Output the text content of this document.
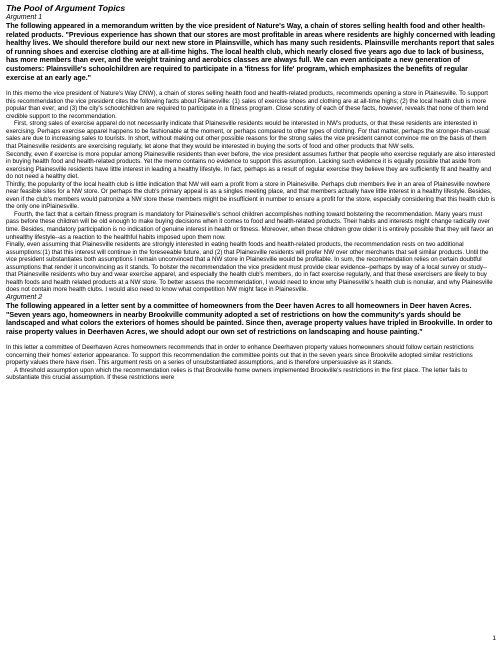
The Pool of Argument Topics

Argument 1

The following appeared in a memorandum written by the vice president of Nature's Way, a chain of stores selling health food and other health-related products. "Previous experience has shown that our stores are most profitable in areas where residents are highly concerned with leading healthy lives. We should therefore build our next new store in Plainsville, which has many such residents. Plainsville merchants report that sales of running shoes and exercise clothing are at all-time highs. The local health club, which nearly closed five years ago due to lack of business, has more members than ever, and the weight training and aerobics classes are always full. We can even anticipate a new generation of customers: Plainsville's schoolchildren are required to participate in a 'fitness for life' program, which emphasizes the benefits of regular exercise at an early age."

In this memo the vice president of Nature's Way CNW), a chain of stores selling health food and health-related products, recommends opening a store in Plainesville. To support this recommendation the vice president cites the following facts about Plainesville: (1) sales of exercise shoes and clothing are at all-time highs; (2) the local health club is more popular than ever; and (3) the city's schoolchildren are required to participate in a fitness program. Close scrutiny of each of these facts, however, reveals that none of them lend credible support to the recommendation.

First, strong sales of exercise apparel do not necessarily indicate that Plainesville residents would be interested in NW's products, or that these residents are interested in exercising. Perhaps exercise apparel happens to be fashionable at the moment, or perhaps compared to other types of clothing. For that matter, perhaps the stronger-than-usual sales are due to increasing sales to tourists. In short, without making out other possible reasons for the strong sales the vice president cannot convince me on the basis of them that Plainesville residents are exercising regularly, let alone that they would be interested in buying the sorts of food and other products that NW sells.

Secondly, even if exercise is more popular among Plainesville residents than ever before, the vice president assumes further that people who exercise regularly are also interested in buying health food and health-related products. Yet the memo contains no evidence to support this assumption. Lacking such evidence it is equally possible that aside from exercising Plainesville residents have little interest in leading a healthy lifestyle. In fact, perhaps as a result of regular exercise they believe they are sufficiently fit and healthy and do not need a healthy diet.

Thirdly, the popularity of the local health club is little indication that NW will earn a profit from a store in Plainesville. Perhaps club members live in an area of Plainesville nowhere near feasible sites for a NW store. Or perhaps the club's primary appeal is as a singles meeting place, and that members actually have little interest in a healthy lifestyle. Besides, even if the club's members would patronize a NW store these members might be insufficient in number to ensure a profit for the store, especially considering that this health club is the only one inPlainesville.

Fourth, the fact that a certain fitness program is mandatory for Plainesville's school children accomplishes nothing toward bolstering the recommendation. Many years must pass before these children will be old enough to make buying decisions when it comes to food and health-related products. Their habits and interests might change radically over time. Besides, mandatory participation is no indication of genuine interest in health or fitness. Moreover, when these children grow older it is entirely possible that they will favor an unhealthy lifestyle--as a reaction to the healthful habits imposed upon them now.

Finally, even assuming that Plainesville residents are strongly interested in eating health foods and health-related products, the recommendation rests on two additional assumptions:(1) that this interest will continue in the foreseeable future, and (2) that Plainesville residents will prefer NW over other merchants that sell similar products. Until the vice president substantiates both assumptions I remain unconvinced that a NW store in Plainesville would be profitable. In sum, the recommendation relies on certain doubtful assumptions that render it unconvincing as it stands. To bolster the recommendation the vice president must provide clear evidence--perhaps by way of a local survey or study--that Plainesville residents who buy and wear exercise apparel, and especially the health club's members, do in fact exercise regularly, and that these exercisers are likely to buy health foods and health related products at a NW store. To better assess the recommendation, I would need to know why Plainesville's health club is nonular, and why Plainesville does not contain more health clubs. I would also need to know what competition NW might face in Plainesville.

Argument 2

The following appeared in a letter sent by a committee of homeowners from the Deer haven Acres to all homeowners in Deer haven Acres. "Seven years ago, homeowners in nearby Brookville community adopted a set of restrictions on how the community's yards should be landscaped and what colors the exteriors of homes should be painted. Since then, average property values have tripled in Brookville. In order to raise property values in Deerhaven Acres, we should adopt our own set of restrictions on landscaping and house painting."

In this letter a committee of Deerhaven Acres homeowners recommends that in order to enhance Deerhaven property values homeowners should follow certain restrictions concerning their homes' exterior appearance. To support this recommendation the committee points out that in the seven years since Brookville adopted similar restrictions property values there have risen. This argument rests on a series of unsubstantiated assumptions, and is therefore unpersuasive as it stands.

A threshold assumption upon which the recommendation relies is that Brookville home owners implemented Brookville's restrictions in the first place. The letter fails to substantiate this crucial assumption. If these restrictions were

1
